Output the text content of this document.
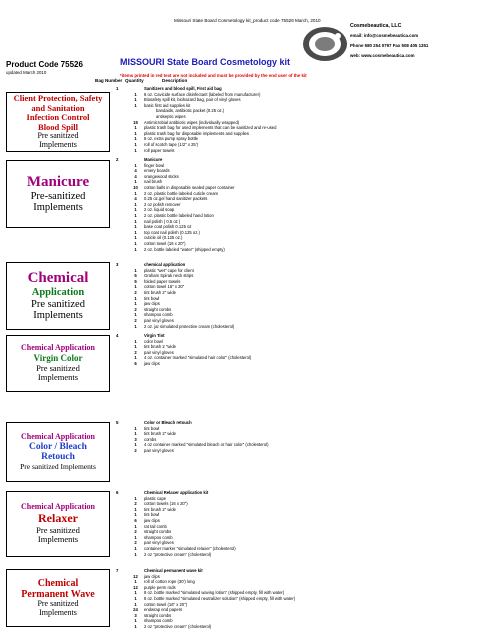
Missouri State Board Cosmetology kit_product code 75526 March, 2010
Cosmebeautica, LLC
email: info@cosmebeautica.com
Phone 580 254 0797 Fax 508 405 1351
web: www.cosmebeautica.com
Product Code 75526
updated March 2010
MISSOURI State Board Cosmetology kit
*items printed in red text are not included and must be provided by the end user of the kit
Bag Number Quantity	Description
Client Protection, Safety
and Sanitation
Infection Control
Blood Spill
Pre sanitized
Implements
Manicure
Pre-sanitized
Implements
Chemical
Application
Pre sanitized
Implements
Chemical Application
Virgin Color
Pre sanitized
Implements
Chemical Application
Color / Bleach
Retouch
Pre sanitized Implements
Chemical Application
Relaxer
Pre sanitized
Implements
Chemical
Permanent Wave
Pre sanitized
Implements
1	Sanitizers and blood spill, First aid bag
1	8 oz. Cavicide surface disinfectant (labeled from manufacturer)
1	Biosafety spill kit, biohazard bag, pair of vinyl gloves
1	basic first aid supplies kit
bandaids, antibiotic packet (0.25 oz.)
antiseptic wipes
15	Antimicrobial antibiotic wipes (individually wrapped)
1	plastic trash bag for used implements that can be sanitized and re-used
1	plastic trash bag for disposable implements and supplies
1	8 oz. extra pump spray bottle
1	roll of scotch tape (1/2" x 25')
1	roll paper towels
2	Manicure
1	finger bowl
4	emery boards
4	orangewood sticks
1	nail brush
10	cotton balls in disposable sealed paper container
1	2 oz. plastic bottle labeled cuticle cream
4	0.25 oz.gel hand sanitizer packets
1	2 oz polish remover
1	2 oz. liquid soap
1	2 oz. plastic bottle labeled hand lotion
1	nail polish ( 0.5 oz )
1	base coat polish 0.125 oz
1	top coat nail polish (0.125 oz.)
1	cuticle oil (0.125 oz.)
1	cotton towel (16 x 20")
1	2 oz. bottle labeled "water" (shipped empty)
3	chemical application
1	plastic "wet" cape for client
5	Graham Spirak neck strips
5	folded paper towels
1	cotton towel 16" x 20"
2	tint brush 2" wide
1	tint bowl
1	jaw clips
2	straight combs
1	shampoo comb
2	pair vinyl gloves
1	2 oz. jar simulated protective cream (cholesterol)
4	Virgin Tint
1	color bowl
1	tint brush 2 "wide
2	pair vinyl gloves
1	4 oz. container marked "simulated hair color" (cholesterol)
6	jaw clips
5	Color or Bleach retouch
1	tint bowl
1	tint brush 2" wide
3	combs
1	4 oz container marked "simulated bleach or hair color" (cholesterol)
2	pair vinyl gloves
6	Chemical Relaxer application kit
1	plastic cape
2	cotton towels (16 x 20")
1	tint brush 2" wide
1	tint bowl
6	jaw clips
1	rat tail comb
2	straight combs
1	shampoo comb
2	pair vinyl gloves
1	container marker "simulated relaxer" (cholesterol)
1	2 oz "protective cream" (cholesterol)
7	Chemical permanent wave kit
12	jaw clips
1	roll of cotton rope (30') long
12	purple perm rods
1	8 oz. bottle marked "simulated waving lotion" (shipped empty, fill with water)
1	8 oz. bottle marked "simulated neutralizer solution" (shipped empty, fill with water)
1	cotton towel (16" x 20")
24	endwrap end papers
3	straight combs
1	shampoo comb
1	2 oz "protective cream" (cholesterol)
